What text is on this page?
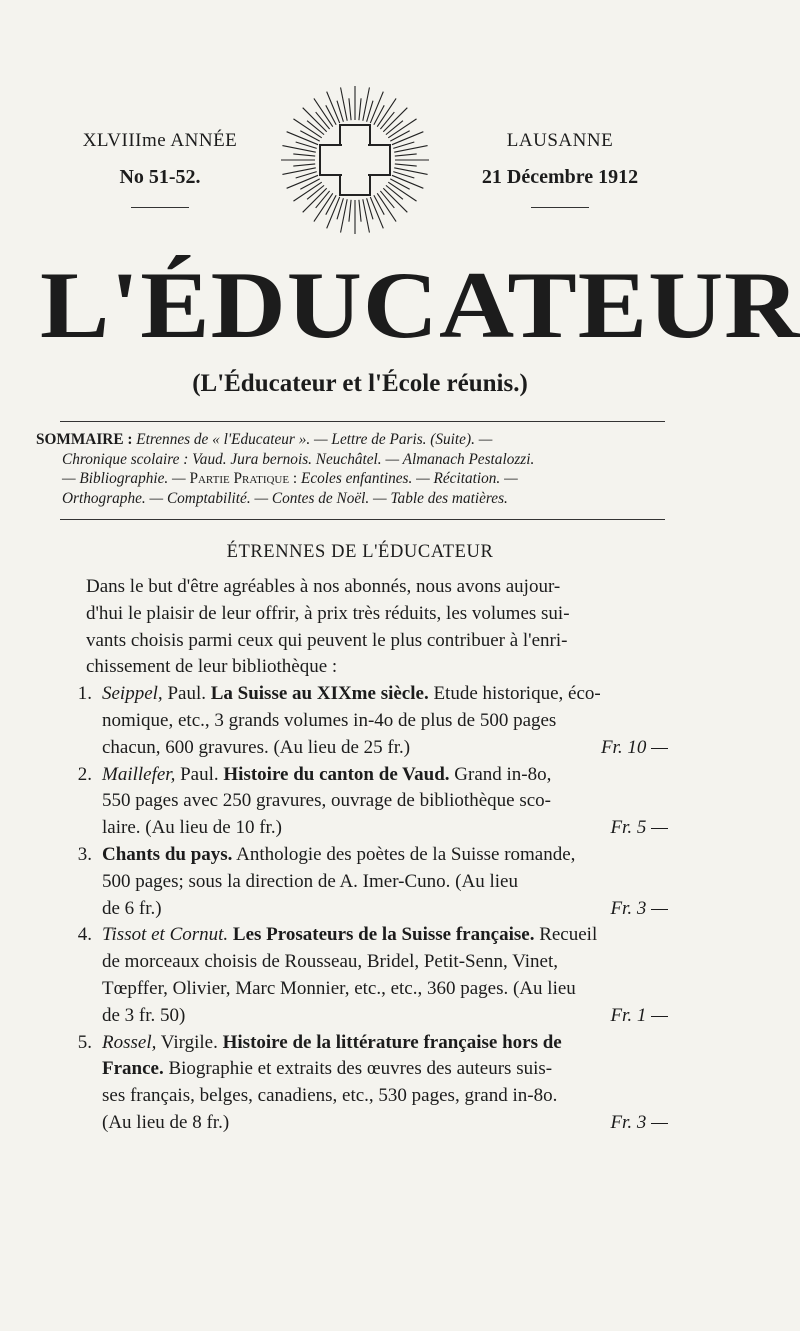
XLVIIIme ANNÉE
No 51-52.
LAUSANNE
21 Décembre 1912
L'ÉDUCATEUR
(L'Éducateur et l'École réunis.)
SOMMAIRE : Etrennes de « l'Educateur ». — Lettre de Paris. (Suite). —
Chronique scolaire : Vaud. Jura bernois. Neuchâtel. — Almanach Pestalozzi.
— Bibliographie. — Partie Pratique : Ecoles enfantines. — Récitation. —
Orthographe. — Comptabilité. — Contes de Noël. — Table des matières.
ÉTRENNES DE L'ÉDUCATEUR
Dans le but d'être agréables à nos abonnés, nous avons aujour-
d'hui le plaisir de leur offrir, à prix très réduits, les volumes sui-
vants choisis parmi ceux qui peuvent le plus contribuer à l'enri-
chissement de leur bibliothèque :
1. Seippel, Paul. La Suisse au XIXme siècle. Etude historique, éco-
nomique, etc., 3 grands volumes in-4o de plus de 500 pages
chacun, 600 gravures. (Au lieu de 25 fr.)	Fr. 10 —
2. Maillefer, Paul. Histoire du canton de Vaud. Grand in-8o,
550 pages avec 250 gravures, ouvrage de bibliothèque sco-
laire. (Au lieu de 10 fr.)	Fr. 5 —
3. Chants du pays. Anthologie des poètes de la Suisse romande,
500 pages; sous la direction de A. Imer-Cuno. (Au lieu
de 6 fr.)	Fr. 3 —
4. Tissot et Cornut. Les Prosateurs de la Suisse française. Recueil
de morceaux choisis de Rousseau, Bridel, Petit-Senn, Vinet,
Tœpffer, Olivier, Marc Monnier, etc., etc., 360 pages. (Au lieu
de 3 fr. 50)	Fr. 1 —
5. Rossel, Virgile. Histoire de la littérature française hors de
France. Biographie et extraits des œuvres des auteurs suis-
ses français, belges, canadiens, etc., 530 pages, grand in-8o.
(Au lieu de 8 fr.)	Fr. 3 —
